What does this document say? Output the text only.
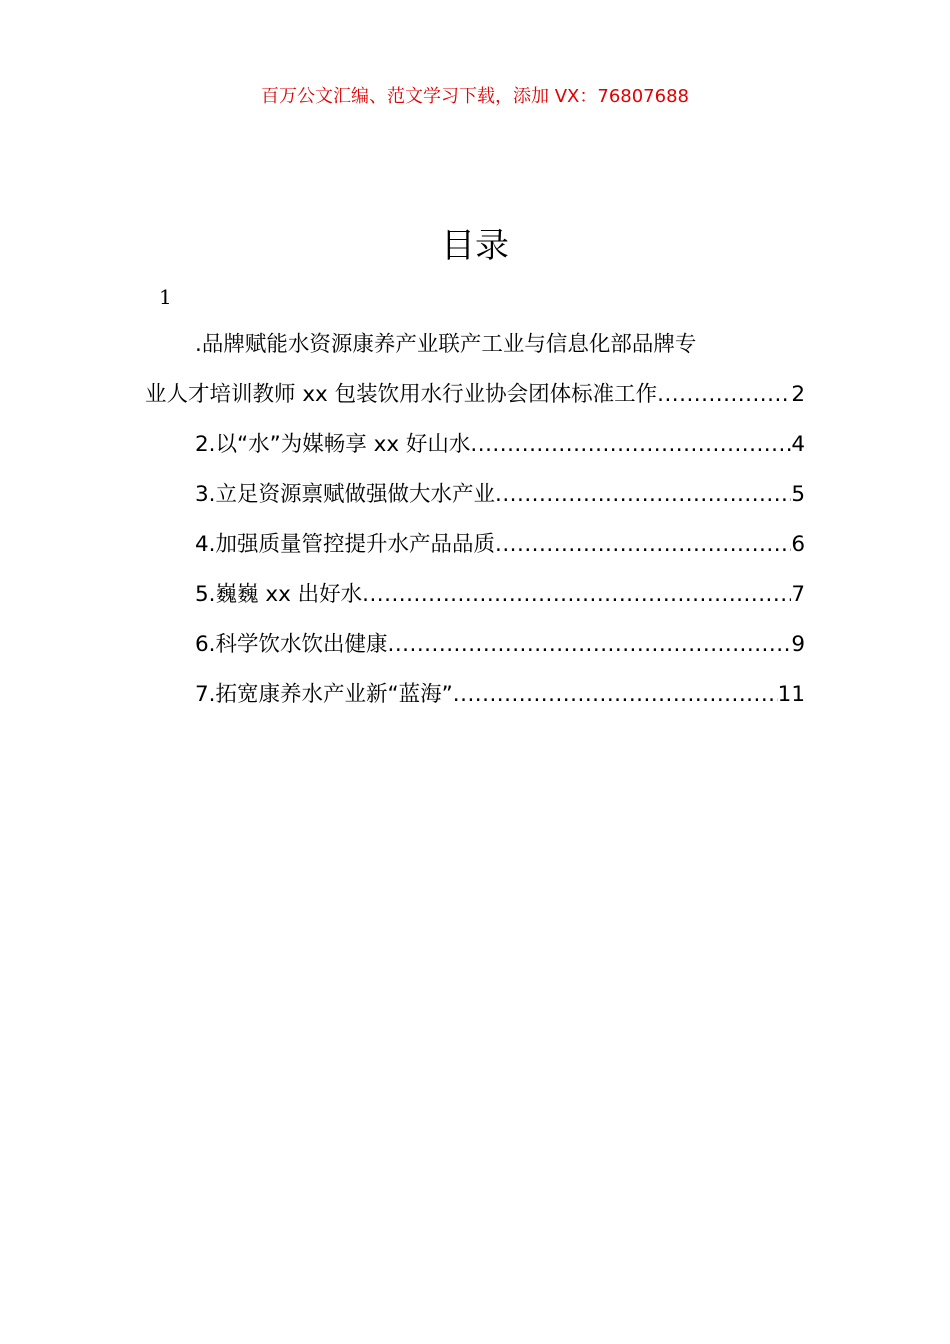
百万公文汇编、范文学习下载，添加 VX：76807688
目录
1
.品牌赋能水资源康养产业联产工业与信息化部品牌专
业人才培训教师 xx 包装饮用水行业协会团体标准工作 .....	2
2.以“水”为媒畅享 xx 好山水 .....	4
3.立足资源禀赋做强做大水产业 .....	5
4.加强质量管控提升水产品品质 .....	6
5.巍巍 xx 出好水 .....	7
6.科学饮水饮出健康 .....	9
7.拓宽康养水产业新“蓝海” .....	11
